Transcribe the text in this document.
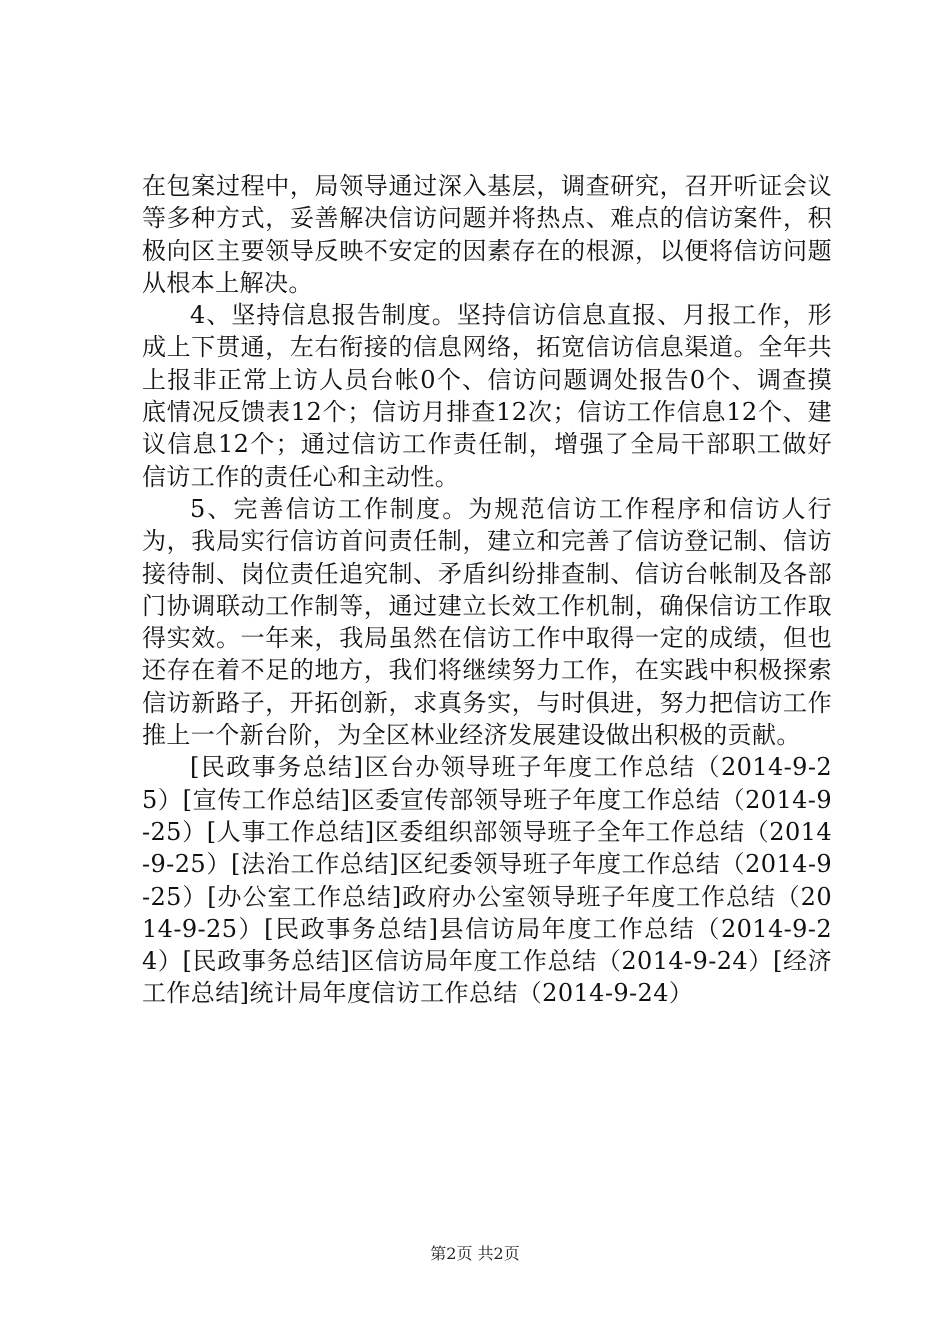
在包案过程中，局领导通过深入基层，调查研究，召开听证会议等多种方式，妥善解决信访问题并将热点、难点的信访案件，积极向区主要领导反映不安定的因素存在的根源，以便将信访问题从根本上解决。

4、坚持信息报告制度。坚持信访信息直报、月报工作，形成上下贯通，左右衔接的信息网络，拓宽信访信息渠道。全年共上报非正常上访人员台帐0个、信访问题调处报告0个、调查摸底情况反馈表12个；信访月排查12次；信访工作信息12个、建议信息12个；通过信访工作责任制，增强了全局干部职工做好信访工作的责任心和主动性。

5、完善信访工作制度。为规范信访工作程序和信访人行为，我局实行信访首问责任制，建立和完善了信访登记制、信访接待制、岗位责任追究制、矛盾纠纷排查制、信访台帐制及各部门协调联动工作制等，通过建立长效工作机制，确保信访工作取得实效。一年来，我局虽然在信访工作中取得一定的成绩，但也还存在着不足的地方，我们将继续努力工作，在实践中积极探索信访新路子，开拓创新，求真务实，与时俱进，努力把信访工作推上一个新台阶，为全区林业经济发展建设做出积极的贡献。

[民政事务总结]区台办领导班子年度工作总结（2014-9-25）[宣传工作总结]区委宣传部领导班子年度工作总结（2014-9-25）[人事工作总结]区委组织部领导班子全年工作总结（2014-9-25）[法治工作总结]区纪委领导班子年度工作总结（2014-9-25）[办公室工作总结]政府办公室领导班子年度工作总结（2014-9-25）[民政事务总结]县信访局年度工作总结（2014-9-24）[民政事务总结]区信访局年度工作总结（2014-9-24）[经济工作总结]统计局年度信访工作总结（2014-9-24）

第2页 共2页
